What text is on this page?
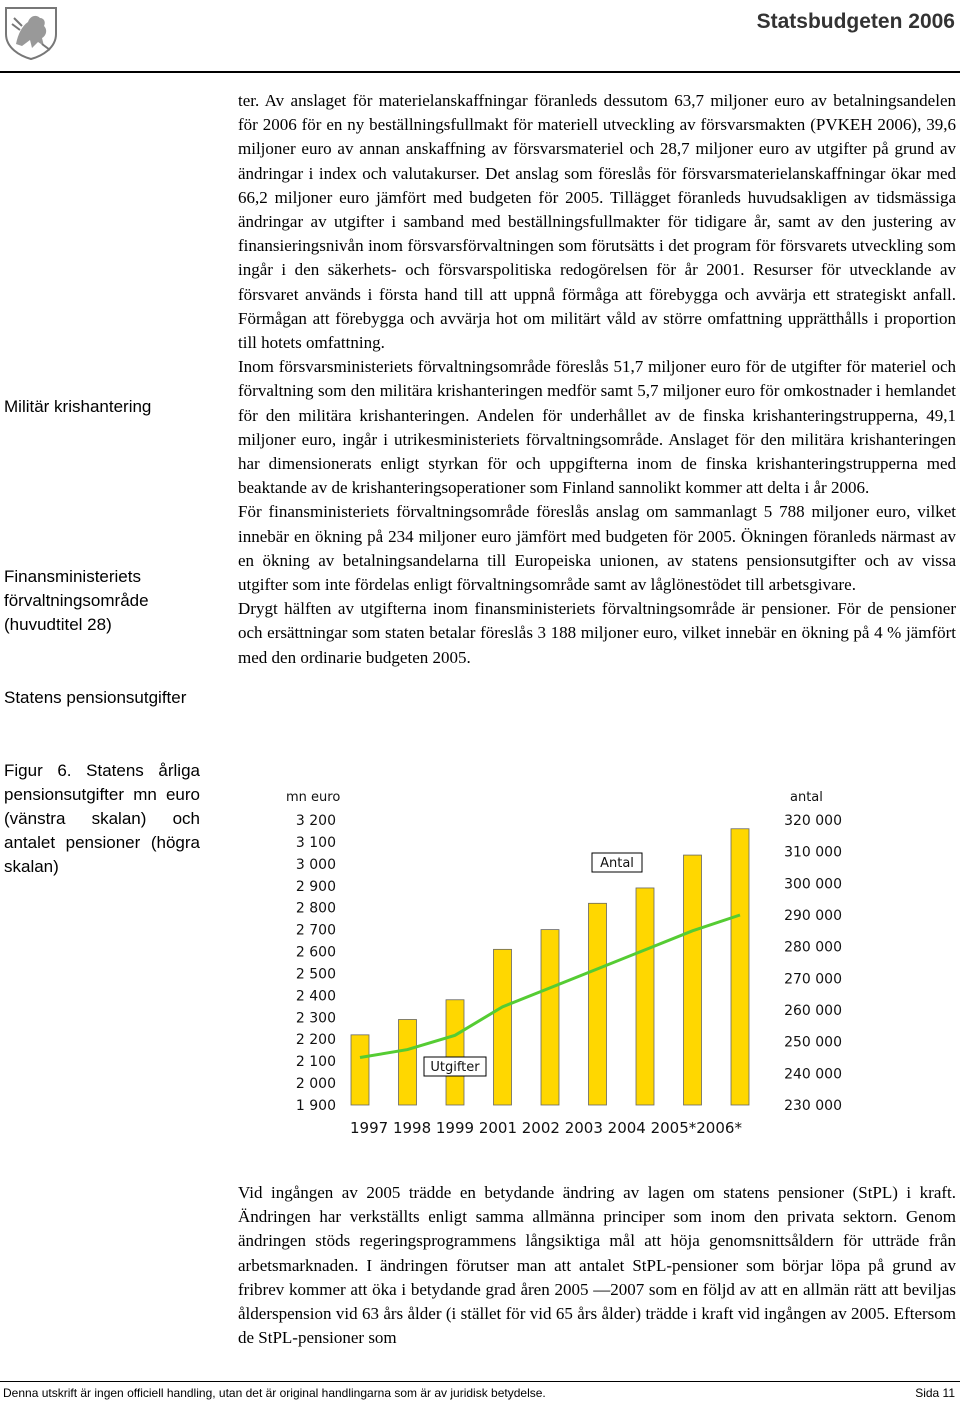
Statsbudgeten 2006

ter. Av anslaget för materielanskaffningar föranleds dessutom 63,7 miljoner euro av betalningsandelen för 2006 för en ny beställningsfullmakt för materiell utveckling av försvarsmakten (PVKEH 2006), 39,6 miljoner euro av annan anskaffning av försvarsmateriel och 28,7 miljoner euro av utgifter på grund av ändringar i index och valutakurser. Det anslag som föreslås för försvarsmaterielanskaffningar ökar med 66,2 miljoner euro jämfört med budgeten för 2005. Tillägget föranleds huvudsakligen av tidsmässiga ändringar av utgifter i samband med beställningsfullmakter för tidigare år, samt av den justering av finansieringsnivån inom försvarsförvaltningen som förutsätts i det program för försvarets utveckling som ingår i den säkerhets- och försvarspolitiska redogörelsen för år 2001. Resurser för utvecklande av försvaret används i första hand till att uppnå förmåga att förebygga och avvärja ett strategiskt anfall. Förmågan att förebygga och avvärja hot om militärt våld av större omfattning upprätthålls i proportion till hotets omfattning.

Inom försvarsministeriets förvaltningsområde föreslås 51,7 miljoner euro för de utgifter för materiel och förvaltning som den militära krishanteringen medför samt 5,7 miljoner euro för omkostnader i hemlandet för den militära krishanteringen. Andelen för underhållet av de finska krishanteringstrupperna, 49,1 miljoner euro, ingår i utrikesministeriets förvaltningsområde. Anslaget för den militära krishanteringen har dimensionerats enligt styrkan för och uppgifterna inom de finska krishanteringstrupperna med beaktande av de krishanteringsoperationer som Finland sannolikt kommer att delta i år 2006.

För finansministeriets förvaltningsområde föreslås anslag om sammanlagt 5 788 miljoner euro, vilket innebär en ökning på 234 miljoner euro jämfört med budgeten för 2005. Ökningen föranleds närmast av en ökning av betalningsandelarna till Europeiska unionen, av statens pensionsutgifter och av vissa utgifter som inte fördelas enligt förvaltningsområde samt av låglönestödet till arbetsgivare.

Drygt hälften av utgifterna inom finansministeriets förvaltningsområde är pensioner. För de pensioner och ersättningar som staten betalar föreslås 3 188 miljoner euro, vilket innebär en ökning på 4 % jämfört med den ordinarie budgeten 2005.

Militär krishantering
Finansministeriets förvaltningsområde (huvudtitel 28)
Statens pensionsutgifter
Figur 6. Statens årliga pensionsutgifter mn euro (vänstra skalan) och antalet pensioner (högra skalan)
mn euro	antal
3 200
3 100
3 000
2 900
2 800
2 700
2 600
2 500
2 400
2 300
2 200
2 100
2 000
1 900
320 000
310 000
300 000
290 000
280 000
270 000
260 000
250 000
240 000
230 000
Antal
Utgifter
1997 1998 1999 2001 2002 2003 2004 2005*2006*

Vid ingången av 2005 trädde en betydande ändring av lagen om statens pensioner (StPL) i kraft. Ändringen har verkställts enligt samma allmänna principer som inom den privata sektorn. Genom ändringen stöds regeringsprogrammens långsiktiga mål att höja genomsnittsåldern för utträde från arbetsmarknaden. I ändringen förutser man att antalet StPL-pensioner som börjar löpa på grund av fribrev kommer att öka i betydande grad åren 2005 —2007 som en följd av att en allmän rätt att beviljas ålderspension vid 63 års ålder (i stället för vid 65 års ålder) trädde i kraft vid ingången av 2005. Eftersom de StPL-pensioner som

Denna utskrift är ingen officiell handling, utan det är original handlingarna som är av juridisk betydelse.	Sida 11
